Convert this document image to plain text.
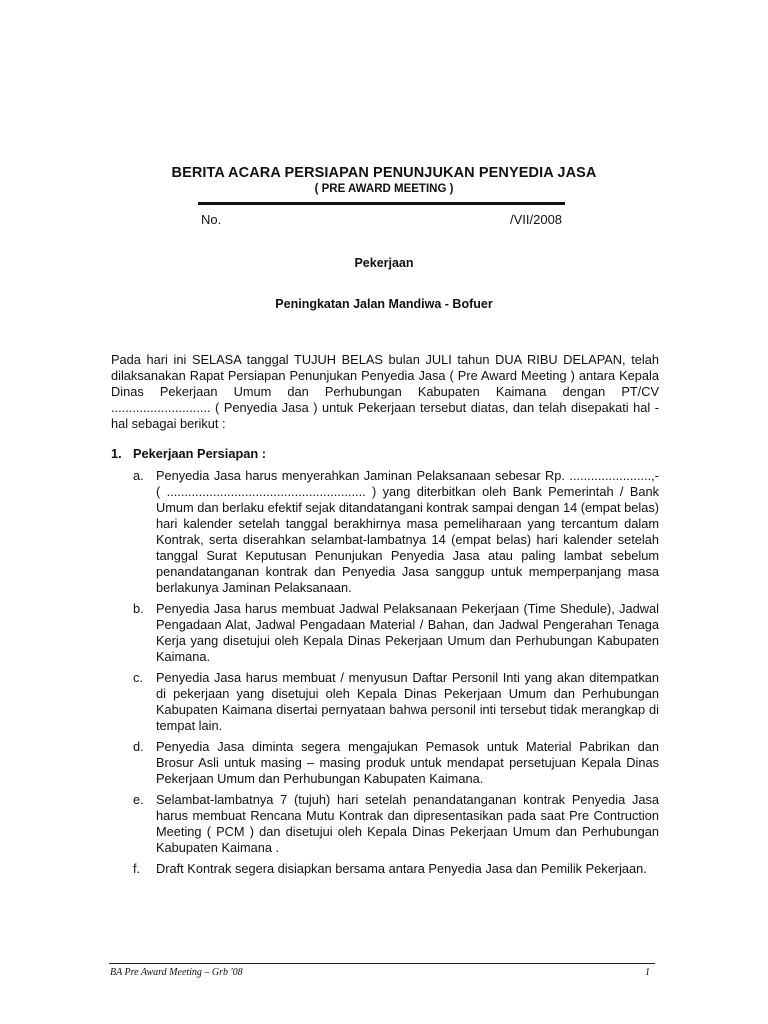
BERITA ACARA PERSIAPAN PENUNJUKAN PENYEDIA JASA
( PRE AWARD MEETING )
No.	/VII/2008
Pekerjaan
Peningkatan Jalan Mandiwa - Bofuer
Pada hari ini SELASA tanggal TUJUH BELAS bulan JULI tahun DUA RIBU DELAPAN, telah dilaksanakan Rapat Persiapan Penunjukan Penyedia Jasa ( Pre Award Meeting ) antara Kepala Dinas Pekerjaan Umum dan Perhubungan Kabupaten Kaimana dengan PT/CV ............................ ( Penyedia Jasa ) untuk Pekerjaan tersebut diatas, dan telah disepakati hal - hal sebagai berikut :
1. Pekerjaan Persiapan :
a. Penyedia Jasa harus menyerahkan Jaminan Pelaksanaan sebesar Rp. .......................,- ( ........................................................ ) yang diterbitkan oleh Bank Pemerintah / Bank Umum dan berlaku efektif sejak ditandatangani kontrak sampai dengan 14 (empat belas) hari kalender setelah tanggal berakhirnya masa pemeliharaan yang tercantum dalam Kontrak, serta diserahkan selambat-lambatnya 14 (empat belas) hari kalender setelah tanggal Surat Keputusan Penunjukan Penyedia Jasa atau paling lambat sebelum penandatanganan kontrak dan Penyedia Jasa sanggup untuk memperpanjang masa berlakunya Jaminan Pelaksanaan.
b. Penyedia Jasa harus membuat Jadwal Pelaksanaan Pekerjaan (Time Shedule), Jadwal Pengadaan Alat, Jadwal Pengadaan Material / Bahan, dan Jadwal Pengerahan Tenaga Kerja yang disetujui oleh Kepala Dinas Pekerjaan Umum dan Perhubungan Kabupaten Kaimana.
c.	Penyedia Jasa harus membuat / menyusun Daftar Personil Inti yang akan ditempatkan di pekerjaan yang disetujui oleh Kepala Dinas Pekerjaan Umum dan Perhubungan Kabupaten Kaimana disertai pernyataan bahwa personil inti tersebut tidak merangkap di tempat lain.
d. Penyedia Jasa diminta segera mengajukan Pemasok untuk Material Pabrikan dan Brosur Asli untuk masing – masing produk untuk mendapat persetujuan Kepala Dinas Pekerjaan Umum dan Perhubungan Kabupaten Kaimana.
e. Selambat-lambatnya 7 (tujuh) hari setelah penandatanganan kontrak Penyedia Jasa harus membuat Rencana Mutu Kontrak dan dipresentasikan pada saat Pre Contruction Meeting ( PCM ) dan disetujui oleh Kepala Dinas Pekerjaan Umum dan Perhubungan Kabupaten Kaimana .
f.	Draft Kontrak segera disiapkan bersama antara Penyedia Jasa dan Pemilik Pekerjaan.
BA Pre Award Meeting – Grb '08	1
